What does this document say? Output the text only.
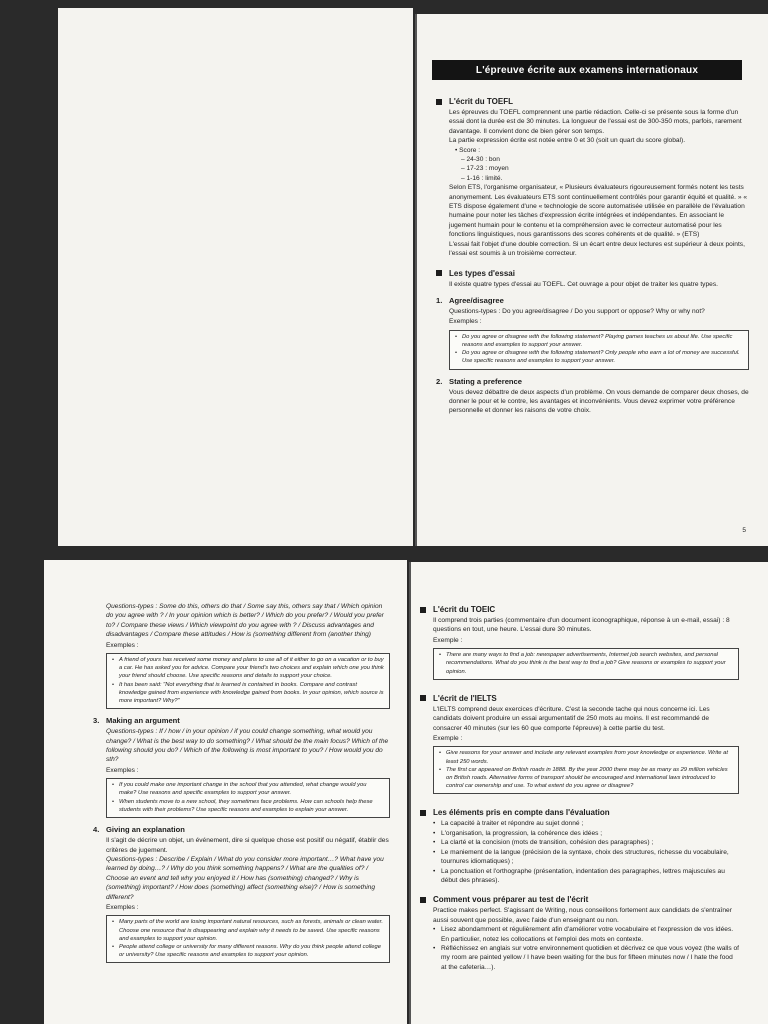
L'épreuve écrite aux examens internationaux
L'écrit du TOEFL

Les épreuves du TOEFL comprennent une partie rédaction. Celle-ci se présente sous la forme d'un essai dont la durée est de 30 minutes. La longueur de l'essai est de 300-350 mots, parfois, rarement davantage. Il convient donc de bien gérer son temps.

La partie expression écrite est notée entre 0 et 30 (soit un quart du score global).

• Score :

– 24-30 : bon

– 17-23 : moyen

– 1-16 : limité.

Selon ETS, l'organisme organisateur, « Plusieurs évaluateurs rigoureusement formés notent les tests anonymement. Les évaluateurs ETS sont continuellement contrôlés pour garantir équité et qualité. » « ETS dispose également d'une « technologie de score automatisée utilisée en parallèle de l'évaluation humaine pour noter les tâches d'expression écrite intégrées et indépendantes. En associant le jugement humain pour le contenu et la compréhension avec le correcteur automatisé pour les fonctions linguistiques, nous garantissons des scores cohérents et de qualité. » (ETS)

L'essai fait l'objet d'une double correction. Si un écart entre deux lectures est supérieur à deux points, l'essai est soumis à un troisième correcteur.

Les types d'essai

Il existe quatre types d'essai au TOEFL. Cet ouvrage a pour objet de traiter les quatre types.

1. Agree/disagree

Questions-types : Do you agree/disagree / Do you support or oppose? Why or why not?

Exemples :

• Do you agree or disagree with the following statement? Playing games teaches us about life. Use specific reasons and examples to support your answer.
• Do you agree or disagree with the following statement? Only people who earn a lot of money are successful. Use specific reasons and examples to support your answer.
2. Stating a preference

Vous devez débattre de deux aspects d'un problème. On vous demande de comparer deux choses, de donner le pour et le contre, les avantages et inconvénients. Vous devez exprimer votre préférence personnelle et donner les raisons de votre choix.

5

Questions-types : Some do this, others do that / Some say this, others say that / Which opinion do you agree with ? / In your opinion which is better? / Which do you prefer? / Would you prefer to? / Compare these views / Which viewpoint do you agree with ? / Discuss advantages and disadvantages / Compare these attitudes / How is (something different from (another thing)

Exemples :

• A friend of yours has received some money and plans to use all of it either to go on a vacation or to buy a car. He has asked you for advice. Compare your friend's two choices and explain which one you think your friend should choose. Use specific reasons and details to support your choice.
• It has been said: "Not everything that is learned is contained in books. Compare and contrast knowledge gained from experience with knowledge gained from books. In your opinion, which source is more important? Why?"
3. Making an argument

Questions-types : If / how / in your opinion / if you could change something, what would you change? / What is the best way to do something? / What should be the main focus? Which of the following should you do? / Which of the following is most important to you? / How would you do sth?

Exemples :

• If you could make one important change in the school that you attended, what change would you make? Use reasons and specific examples to support your answer.
• When students move to a new school, they sometimes face problems. How can schools help these students with their problems? Use specific reasons and examples to explain your answer.
4. Giving an explanation

Il s'agit de décrire un objet, un événement, dire si quelque chose est positif ou négatif, établir des critères de jugement.

Questions-types : Describe / Explain / What do you consider more important…? What have you learned by doing…? / Why do you think something happens? / What are the qualities of? / Choose an event and tell why you enjoyed it / How has (something) changed? / Why is (something) important? / How does (something) affect (something else)? / How is something different?

Exemples :

• Many parts of the world are losing important natural resources, such as forests, animals or clean water. Choose one resource that is disappearing and explain why it needs to be saved. Use specific reasons and examples to support your opinion.
• People attend college or university for many different reasons. Why do you think people attend college or university? Use specific reasons and examples to support your opinion.
L'écrit du TOEIC

Il comprend trois parties (commentaire d'un document iconographique, réponse à un e-mail, essai) : 8 questions en tout, une heure. L'essai dure 30 minutes.

Exemple :

• There are many ways to find a job: newspaper advertisements, Internet job search websites, and personal recommendations. What do you think is the best way to find a job? Give reasons or examples to support your opinion.
L'écrit de l'IELTS

L'IELTS comprend deux exercices d'écriture. C'est la seconde tache qui nous concerne ici. Les candidats doivent produire un essai argumentatif de 250 mots au moins. Il est recommandé de consacrer 40 minutes (sur les 60 que comporte l'épreuve) à cette partie du test.

Exemple :

• Give reasons for your answer and include any relevant examples from your knowledge or experience. Write at least 250 words.
• The first car appeared on British roads in 1888. By the year 2000 there may be as many as 29 million vehicles on British roads. Alternative forms of transport should be encouraged and international laws introduced to control car ownership and use. To what extent do you agree or disagree?
Les éléments pris en compte dans l'évaluation
• La capacité à traiter et répondre au sujet donné ;
• L'organisation, la progression, la cohérence des idées ;
• La clarté et la concision (mots de transition, cohésion des paragraphes) ;
• Le maniement de la langue (précision de la syntaxe, choix des structures, richesse du vocabulaire, tournures idiomatiques) ;
• La ponctuation et l'orthographe (présentation, indentation des paragraphes, lettres majuscules au début des phrases).
Comment vous préparer au test de l'écrit

Practice makes perfect. S'agissant de Writing, nous conseillons fortement aux candidats de s'entraîner aussi souvent que possible, avec l'aide d'un enseignant ou non.

• Lisez abondamment et régulièrement afin d'améliorer votre vocabulaire et l'expression de vos idées. En particulier, notez les collocations et l'emploi des mots en contexte.
• Réfléchissez en anglais sur votre environnement quotidien et décrivez ce que vous voyez (the walls of my room are painted yellow / I have been waiting for the bus for fifteen minutes now / I hate the food at the cafeteria…).
